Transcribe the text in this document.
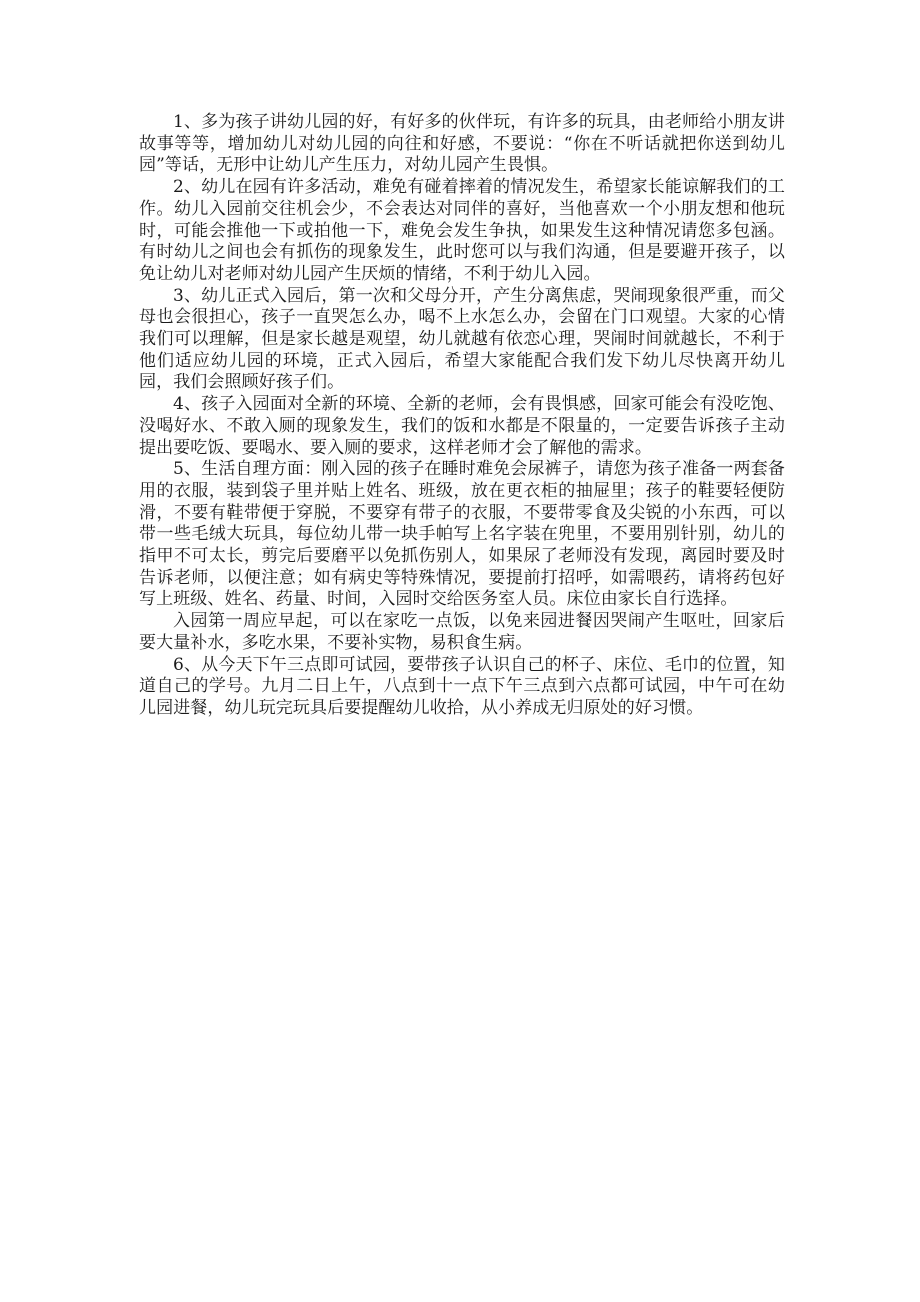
1、多为孩子讲幼儿园的好，有好多的伙伴玩，有许多的玩具，由老师给小朋友讲故事等等，增加幼儿对幼儿园的向往和好感，不要说：“你在不听话就把你送到幼儿园”等话，无形中让幼儿产生压力，对幼儿园产生畏惧。

2、幼儿在园有许多活动，难免有碰着摔着的情况发生，希望家长能谅解我们的工作。幼儿入园前交往机会少，不会表达对同伴的喜好，当他喜欢一个小朋友想和他玩时，可能会推他一下或拍他一下，难免会发生争执，如果发生这种情况请您多包涵。有时幼儿之间也会有抓伤的现象发生，此时您可以与我们沟通，但是要避开孩子，以免让幼儿对老师对幼儿园产生厌烦的情绪，不利于幼儿入园。

3、幼儿正式入园后，第一次和父母分开，产生分离焦虑，哭闹现象很严重，而父母也会很担心，孩子一直哭怎么办，喝不上水怎么办，会留在门口观望。大家的心情我们可以理解，但是家长越是观望，幼儿就越有依恋心理，哭闹时间就越长，不利于他们适应幼儿园的环境，正式入园后，希望大家能配合我们发下幼儿尽快离开幼儿园，我们会照顾好孩子们。

4、孩子入园面对全新的环境、全新的老师，会有畏惧感，回家可能会有没吃饱、没喝好水、不敢入厕的现象发生，我们的饭和水都是不限量的，一定要告诉孩子主动提出要吃饭、要喝水、要入厕的要求，这样老师才会了解他的需求。

5、生活自理方面：刚入园的孩子在睡时难免会尿裤子，请您为孩子准备一两套备用的衣服，装到袋子里并贴上姓名、班级，放在更衣柜的抽屉里；孩子的鞋要轻便防滑，不要有鞋带便于穿脱，不要穿有带子的衣服，不要带零食及尖锐的小东西，可以带一些毛绒大玩具，每位幼儿带一块手帕写上名字装在兜里，不要用别针别，幼儿的指甲不可太长，剪完后要磨平以免抓伤别人，如果尿了老师没有发现，离园时要及时告诉老师，以便注意；如有病史等特殊情况，要提前打招呼，如需喂药，请将药包好写上班级、姓名、药量、时间，入园时交给医务室人员。床位由家长自行选择。

入园第一周应早起，可以在家吃一点饭，以免来园进餐因哭闹产生呕吐，回家后要大量补水，多吃水果，不要补实物，易积食生病。

6、从今天下午三点即可试园，要带孩子认识自己的杯子、床位、毛巾的位置，知道自己的学号。九月二日上午，八点到十一点下午三点到六点都可试园，中午可在幼儿园进餐，幼儿玩完玩具后要提醒幼儿收拾，从小养成无归原处的好习惯。
